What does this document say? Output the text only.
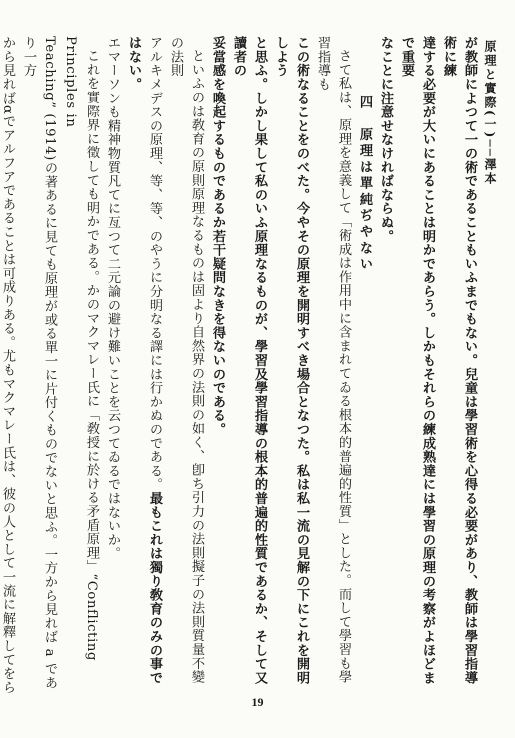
原理と實際(一)──澤本

が教師によつて一の術であることもいふまでもない。兒童は學習術を心得る必要があり、教師は學習指導術に練

達する必要が大いにあることは明かであらう。しかもそれらの練成熟達には學習の原理の考察がよほどまで重要

なことに注意せなければならぬ。

四　原理は單純ぢやない

さて私は、原理を意義して「術成は作用中に含まれてゐる根本的普遍的性質」とした。而して學習も學習指導も

この術なることをのべた。今やその原理を開明すべき場合となつた。私は私一流の見解の下にこれを開明しよう

と思ふ。しかし果して私のいふ原理なるものが、學習及學習指導の根本的普遍的性質であるか、そして又讀者の

妥當感を喚起するものであるか若干疑問なきを得ないのである。

といふのは敎育の原則原理なるものは固より自然界の法則の如く、卽ち引力の法則擬子の法則質量不變の法則

アルキメデスの原理、等、等、のやうに分明なる譯には行かぬのである。最もこれは獨り敎育のみの事ではない。

エマーソンも精神物質凡てに亙つて二元論の避け難いことを云つてゐるではないか。

これを實際界に徵しても明かである。かのマクマレー氏に「敎授に於ける矛盾原理」“Conflicting Principles in

Teaching” (1914)の著あるに見ても原理が或る單一に片付くものでないと思ふ。一方から見れば a であり一方

から見ればαでアルフアであることは可成りある。尤もマクマレー氏は、彼の人として一流に解釋してをら

19
